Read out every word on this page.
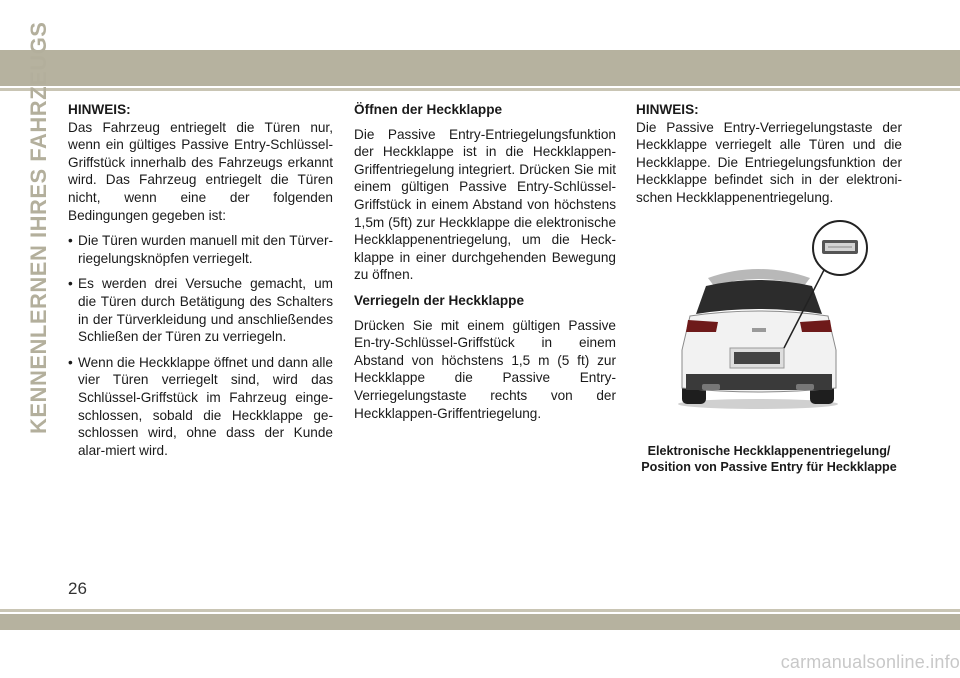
KENNENLERNEN IHRES FAHRZEUGS HINWEIS:
Das Fahrzeug entriegelt die Türen nur, wenn ein gültiges Passive Entry-Schlüssel-Griffstück innerhalb des Fahrzeugs erkannt wird. Das Fahrzeug entriegelt die Türen nicht, wenn eine der folgenden Bedingungen gegeben ist:
• Die Türen wurden manuell mit den Türver-riegelungsknöpfen verriegelt.
• Es werden drei Versuche gemacht, um die Türen durch Betätigung des Schalters in der Türverkleidung und anschließendes Schließen der Türen zu verriegeln.
• Wenn die Heckklappe öffnet und dann alle vier Türen verriegelt sind, wird das Schlüssel-Griffstück im Fahrzeug einge-schlossen, sobald die Heckklappe ge-schlossen wird, ohne dass der Kunde alar-miert wird.
Öffnen der Heckklappe
Die Passive Entry-Entriegelungsfunktion der Heckklappe ist in die Heckklappen-Griffentriegelung integriert. Drücken Sie mit einem gültigen Passive Entry-Schlüssel-Griffstück in einem Abstand von höchstens 1,5m (5ft) zur Heckklappe die elektronische Heckklappenentriegelung, um die Heck-klappe in einer durchgehenden Bewegung zu öffnen.
Verriegeln der Heckklappe
Drücken Sie mit einem gültigen Passive En-try-Schlüssel-Griffstück in einem Abstand von höchstens 1,5 m (5 ft) zur Heckklappe die Passive Entry-Verriegelungstaste rechts von der Heckklappen-Griffentriegelung.
HINWEIS:
Die Passive Entry-Verriegelungstaste der Heckklappe verriegelt alle Türen und die Heckklappe. Die Entriegelungsfunktion der Heckklappe befindet sich in der elektroni-schen Heckklappenentriegelung.
Elektronische Heckklappenentriegelung/
Position von Passive Entry für Heckklappe
26
carmanualsonline.info
